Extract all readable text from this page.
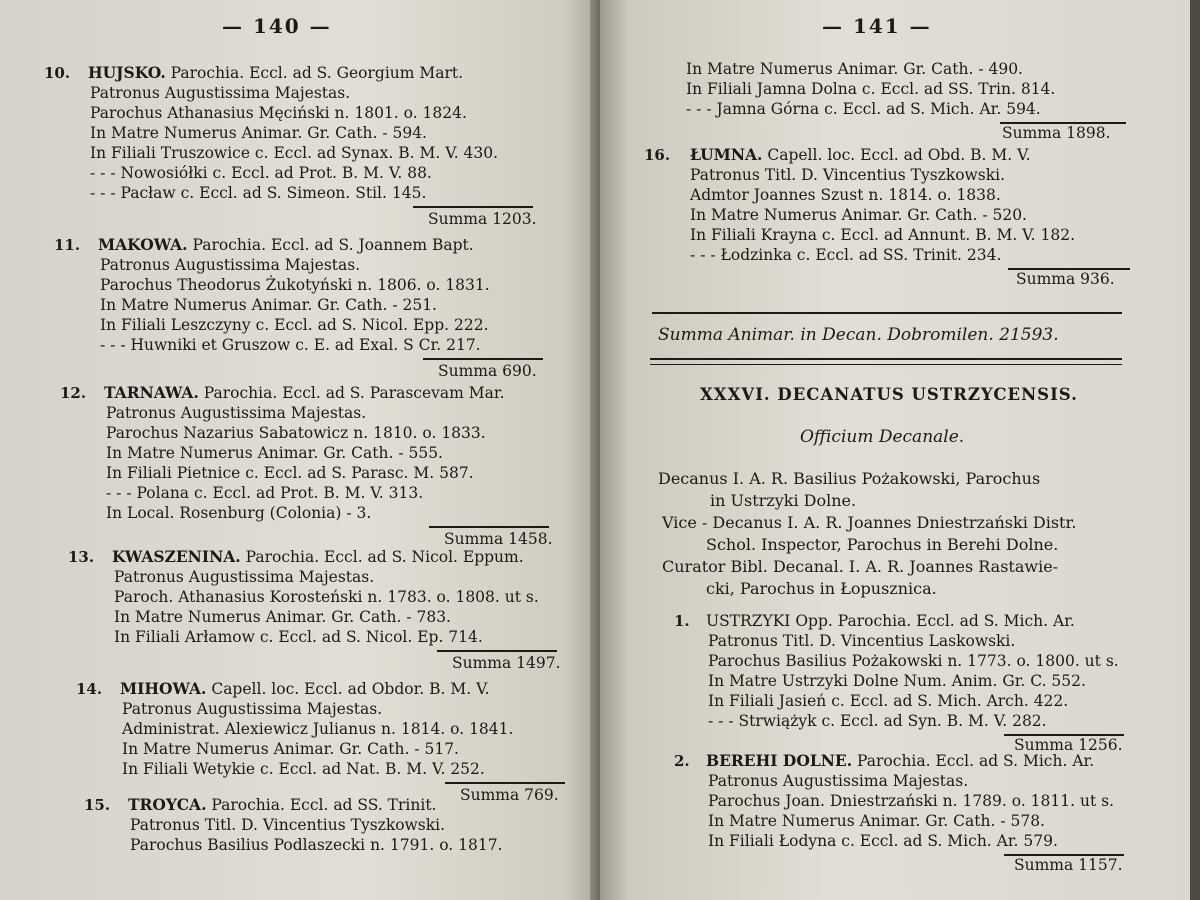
— 140 —
10. HUJSKO. Parochia. Eccl. ad S. Georgium Mart.
Patronus Augustissima Majestas.
Parochus Athanasius Męciński n. 1801. o. 1824.
In Matre Numerus Animar. Gr. Cath. - 594.
In Filiali Truszowice c. Eccl. ad Synax. B. M. V. 430.
- - - Nowosiółki c. Eccl. ad Prot. B. M. V. 88.
- - - Pacław c. Eccl. ad S. Simeon. Stil. 145.
Summa 1203.
11. MAKOWA. Parochia. Eccl. ad S. Joannem Bapt.
Patronus Augustissima Majestas.
Parochus Theodorus Żukotyński n. 1806. o. 1831.
In Matre Numerus Animar. Gr. Cath. - 251.
In Filiali Leszczyny c. Eccl. ad S. Nicol. Epp. 222.
- - - Huwniki et Gruszow c. E. ad Exal. S Cr. 217.
Summa 690.
12. TARNAWA. Parochia. Eccl. ad S. Parascevam Mar.
Patronus Augustissima Majestas.
Parochus Nazarius Sabatowicz n. 1810. o. 1833.
In Matre Numerus Animar. Gr. Cath. - 555.
In Filiali Pietnice c. Eccl. ad S. Parasc. M. 587.
- - - Polana c. Eccl. ad Prot. B. M. V. 313.
In Local. Rosenburg (Colonia) - 3.
Summa 1458.
13. KWASZENINA. Parochia. Eccl. ad S. Nicol. Eppum.
Patronus Augustissima Majestas.
Paroch. Athanasius Korosteński n. 1783. o. 1808. ut s.
In Matre Numerus Animar. Gr. Cath. - 783.
In Filiali Arłamow c. Eccl. ad S. Nicol. Ep. 714.
Summa 1497.
14. MIHOWA. Capell. loc. Eccl. ad Obdor. B. M. V.
Patronus Augustissima Majestas.
Administrat. Alexiewicz Julianus n. 1814. o. 1841.
In Matre Numerus Animar. Gr. Cath. - 517.
In Filiali Wetykie c. Eccl. ad Nat. B. M. V. 252.
Summa 769.
15. TROYCA. Parochia. Eccl. ad SS. Trinit.
Patronus Titl. D. Vincentius Tyszkowski.
Parochus Basilius Podlaszecki n. 1791. o. 1817.
— 141 —
In Matre Numerus Animar. Gr. Cath. - 490.
In Filiali Jamna Dolna c. Eccl. ad SS. Trin. 814.
- - - Jamna Górna c. Eccl. ad S. Mich. Ar. 594.
Summa 1898.
16. ŁUMNA. Capell. loc. Eccl. ad Obd. B. M. V.
Patronus Titl. D. Vincentius Tyszkowski.
Admtor Joannes Szust n. 1814. o. 1838.
In Matre Numerus Animar. Gr. Cath. - 520.
In Filiali Krayna c. Eccl. ad Annunt. B. M. V. 182.
- - - Łodzinka c. Eccl. ad SS. Trinit. 234.
Summa 936.
Summa Animar. in Decan. Dobromilen. 21593.
XXXVI. DECANATUS USTRZYCENSIS.
Officium Decanale.
Decanus I. A. R. Basilius Pożakowski, Parochus
in Ustrzyki Dolne.
Vice - Decanus I. A. R. Joannes Dniestrzański Distr.
Schol. Inspector, Parochus in Berehi Dolne.
Curator Bibl. Decanal. I. A. R. Joannes Rastawie-
cki, Parochus in Łopusznica.
1. USTRZYKI Opp. Parochia. Eccl. ad S. Mich. Ar.
Patronus Titl. D. Vincentius Laskowski.
Parochus Basilius Pożakowski n. 1773. o. 1800. ut s.
In Matre Ustrzyki Dolne Num. Anim. Gr. C. 552.
In Filiali Jasień c. Eccl. ad S. Mich. Arch. 422.
- - - Strwiążyk c. Eccl. ad Syn. B. M. V. 282.
Summa 1256.
2. BEREHI DOLNE. Parochia. Eccl. ad S. Mich. Ar.
Patronus Augustissima Majestas.
Parochus Joan. Dniestrzański n. 1789. o. 1811. ut s.
In Matre Numerus Animar. Gr. Cath. - 578.
In Filiali Łodyna c. Eccl. ad S. Mich. Ar. 579.
Summa 1157.
